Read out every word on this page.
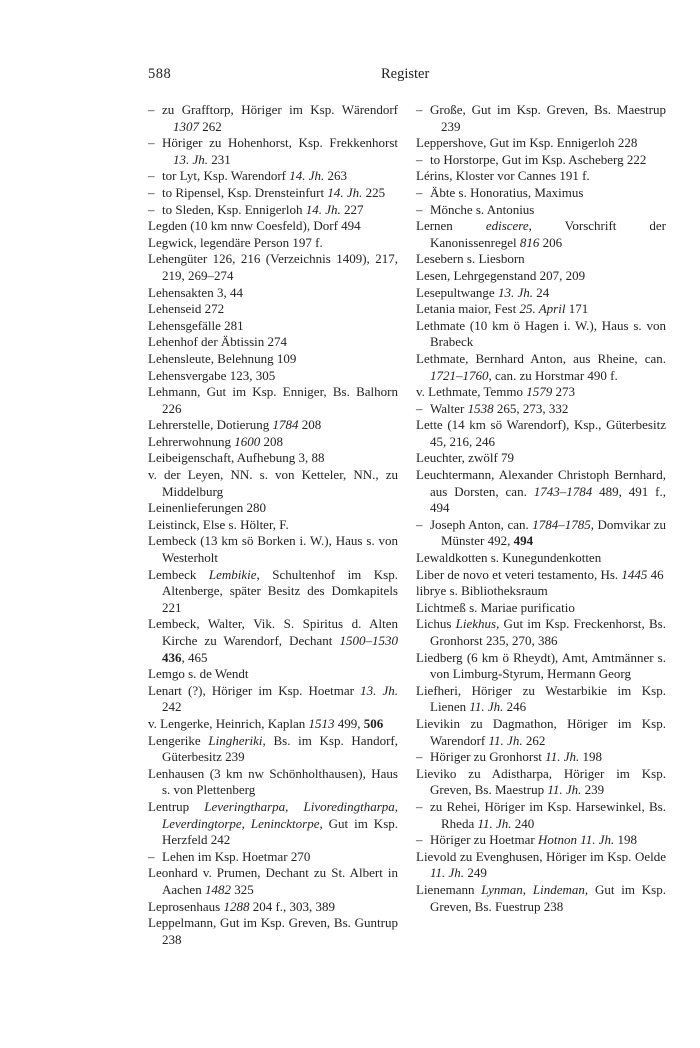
588	Register
– zu Grafftorp, Höriger im Ksp. Wärendorf 1307 262
– Höriger zu Hohenhorst, Ksp. Frekkenhorst 13. Jh. 231
– tor Lyt, Ksp. Warendorf 14. Jh. 263
– to Ripensel, Ksp. Drensteinfurt 14. Jh. 225
– to Sleden, Ksp. Ennigerloh 14. Jh. 227
Legden (10 km nnw Coesfeld), Dorf 494
Legwick, legendäre Person 197 f.
Lehengüter 126, 216 (Verzeichnis 1409), 217, 219, 269–274
Lehensakten 3, 44
Lehenseid 272
Lehensgefälle 281
Lehenhof der Äbtissin 274
Lehensleute, Belehnung 109
Lehensvergabe 123, 305
Lehmann, Gut im Ksp. Enniger, Bs. Balhorn 226
Lehrerstelle, Dotierung 1784 208
Lehrerwohnung 1600 208
Leibeigenschaft, Aufhebung 3, 88
v. der Leyen, NN. s. von Ketteler, NN., zu Middelburg
Leinenlieferungen 280
Leistinck, Else s. Hölter, F.
Lembeck (13 km sö Borken i. W.), Haus s. von Westerholt
Lembeck Lembikie, Schultenhof im Ksp. Altenberge, später Besitz des Domkapitels 221
Lembeck, Walter, Vik. S. Spiritus d. Alten Kirche zu Warendorf, Dechant 1500–1530 436, 465
Lemgo s. de Wendt
Lenart (?), Höriger im Ksp. Hoetmar 13. Jh. 242
v. Lengerke, Heinrich, Kaplan 1513 499, 506
Lengerike Lingheriki, Bs. im Ksp. Handorf, Güterbesitz 239
Lenhausen (3 km nw Schönholthausen), Haus s. von Plettenberg
Lentrup Leveringtharpa, Livoredingtharpa, Leverdingtorpe, Lenincktorpe, Gut im Ksp. Herzfeld 242
– Lehen im Ksp. Hoetmar 270
Leonhard v. Prumen, Dechant zu St. Albert in Aachen 1482 325
Leprosenhaus 1288 204 f., 303, 389
Leppelmann, Gut im Ksp. Greven, Bs. Guntrup 238
– Große, Gut im Ksp. Greven, Bs. Maestrup 239
Leppershove, Gut im Ksp. Ennigerloh 228
– to Horstorpe, Gut im Ksp. Ascheberg 222
Lérins, Kloster vor Cannes 191 f.
– Äbte s. Honoratius, Maximus
– Mönche s. Antonius
Lernen ediscere, Vorschrift der Kanonissenregel 816 206
Lesebern s. Liesborn
Lesen, Lehrgegenstand 207, 209
Lesepultwange 13. Jh. 24
Letania maior, Fest 25. April 171
Lethmate (10 km ö Hagen i. W.), Haus s. von Brabeck
Lethmate, Bernhard Anton, aus Rheine, can. 1721–1760, can. zu Horstmar 490 f.
v. Lethmate, Temmo 1579 273
– Walter 1538 265, 273, 332
Lette (14 km sö Warendorf), Ksp., Güterbesitz 45, 216, 246
Leuchter, zwölf 79
Leuchtermann, Alexander Christoph Bernhard, aus Dorsten, can. 1743–1784 489, 491 f., 494
– Joseph Anton, can. 1784–1785, Domvikar zu Münster 492, 494
Lewaldkotten s. Kunegundenkotten
Liber de novo et veteri testamento, Hs. 1445 46
librye s. Bibliotheksraum
Lichtmeß s. Mariae purificatio
Lichus Liekhus, Gut im Ksp. Freckenhorst, Bs. Gronhorst 235, 270, 386
Liedberg (6 km ö Rheydt), Amt, Amtmänner s. von Limburg-Styrum, Hermann Georg
Liefheri, Höriger zu Westarbikie im Ksp. Lienen 11. Jh. 246
Lievikin zu Dagmathon, Höriger im Ksp. Warendorf 11. Jh. 262
– Höriger zu Gronhorst 11. Jh. 198
Lieviko zu Adistharpa, Höriger im Ksp. Greven, Bs. Maestrup 11. Jh. 239
– zu Rehei, Höriger im Ksp. Harsewinkel, Bs. Rheda 11. Jh. 240
– Höriger zu Hoetmar Hotnon 11. Jh. 198
Lievold zu Evenghusen, Höriger im Ksp. Oelde 11. Jh. 249
Lienemann Lynman, Lindeman, Gut im Ksp. Greven, Bs. Fuestrup 238
